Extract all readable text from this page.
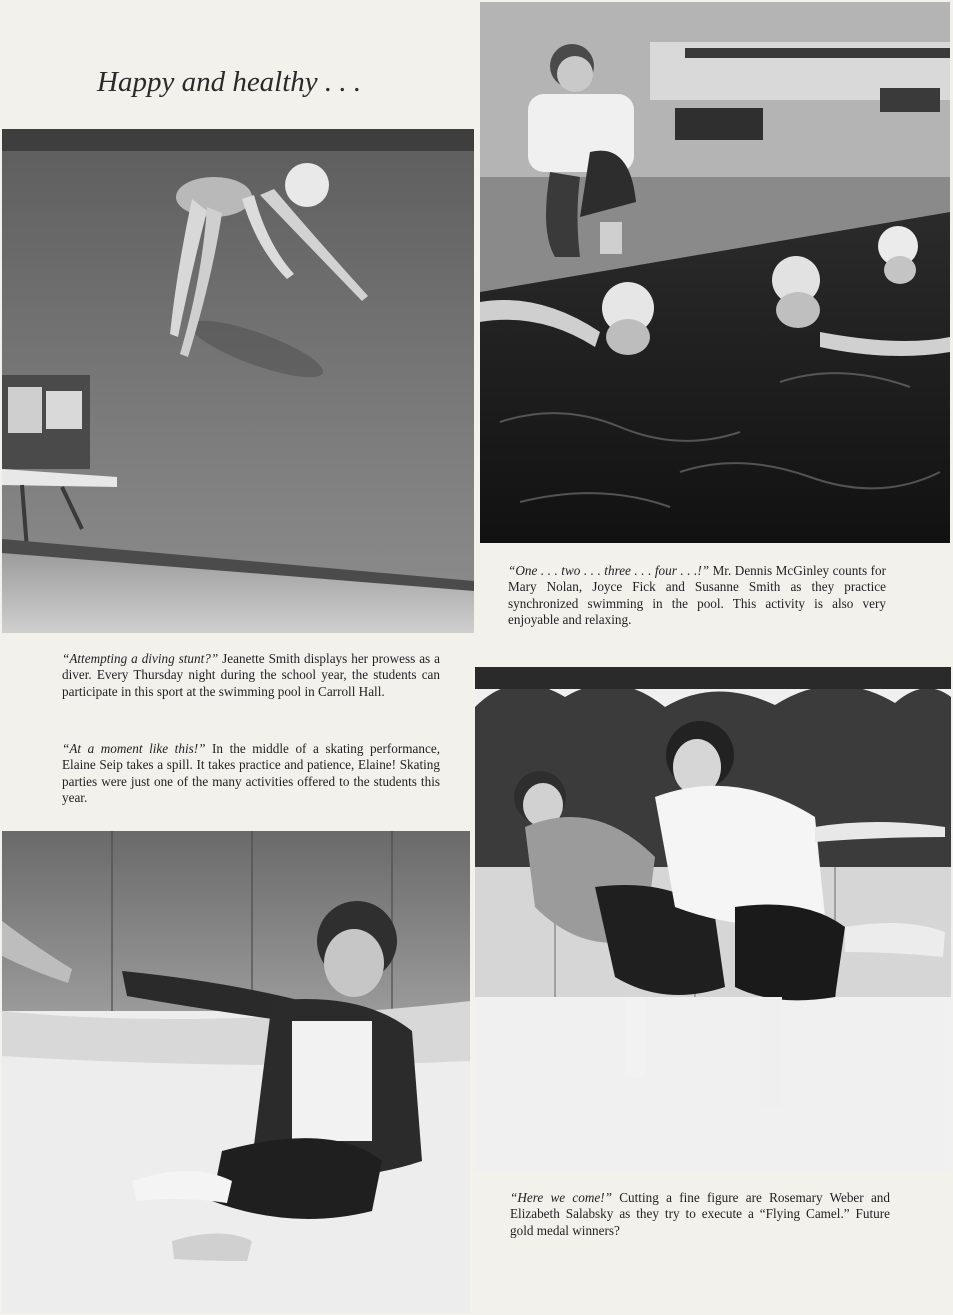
Happy and healthy . . .
“One . . . two . . . three . . . four . . .!” Mr. Dennis McGinley counts for Mary Nolan, Joyce Fick and Susanne Smith as they practice synchronized swimming in the pool. This activity is also very enjoyable and relaxing.
“Attempting a diving stunt?” Jeanette Smith displays her prowess as a diver. Every Thursday night during the school year, the students can participate in this sport at the swimming pool in Carroll Hall.
“At a moment like this!” In the middle of a skating performance, Elaine Seip takes a spill. It takes practice and patience, Elaine! Skating parties were just one of the many activities offered to the students this year.
“Here we come!” Cutting a fine figure are Rosemary Weber and Elizabeth Salabsky as they try to execute a “Flying Camel.” Future gold medal winners?
